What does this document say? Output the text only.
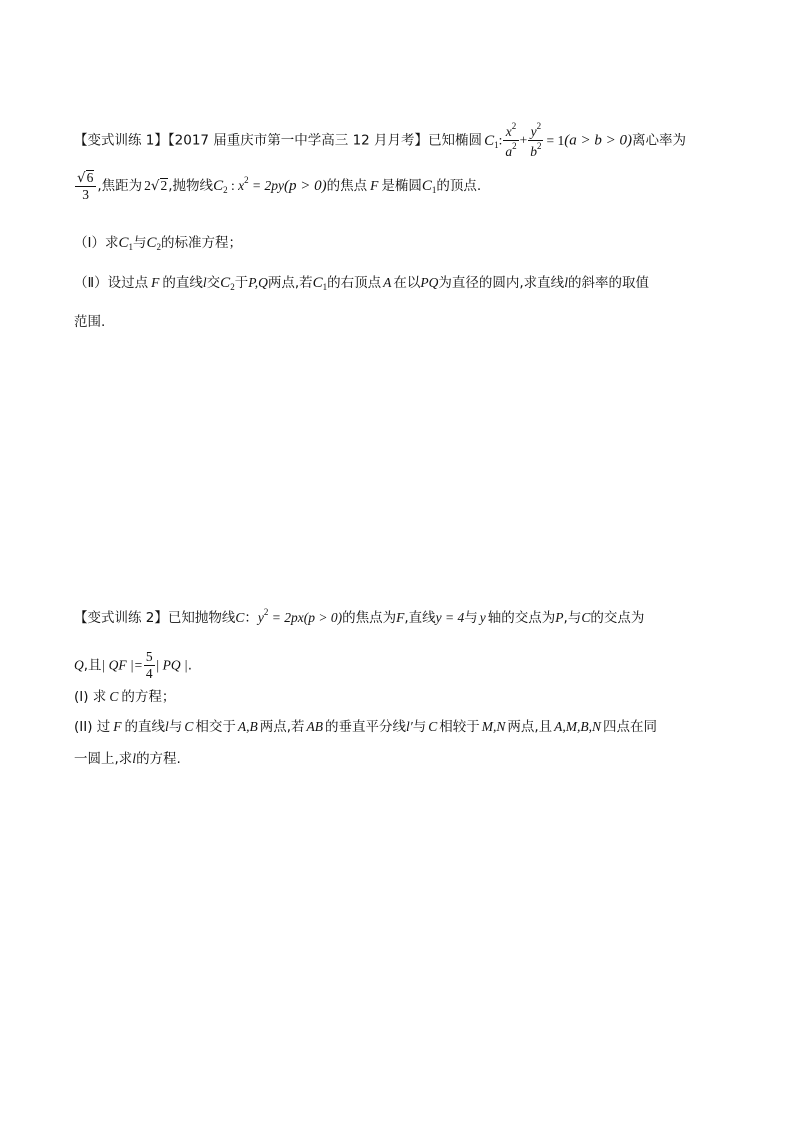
【变式训练 1】【2017 届重庆市第一中学高三 12 月月考】已知椭圆 $C_1$: $\frac{x^2}{a^2} + \frac{y^2}{b^2} = 1(a > b > 0)$离心率为
$\frac{√6}{3}$ ,焦距为 2√2,抛物线$C_2$ : $x^2 = 2py(p > 0)$的焦点 F 是椭圆$C_1$的顶点.
（Ⅰ）求$C_1$与$C_2$的标准方程；
（Ⅱ）设过点 F 的直线l交$C_2$于P,Q两点,若$C_1$的右顶点 A 在以PQ为直径的圆内,求直线l的斜率的取值
范围.
【变式训练 2】已知抛物线C：$y^2 = 2px(p > 0)$的焦点为F,直线y = 4与 y 轴的交点为P,与C的交点为
Q,且| QF |= $\frac{5}{4}$ | PQ |.
(I) 求 C 的方程；
(II) 过 F 的直线l与 C 相交于 A,B 两点,若 AB 的垂直平分线l′与 C 相较于 M,N 两点,且 A,M,B,N 四点在同
一圆上,求l的方程.
